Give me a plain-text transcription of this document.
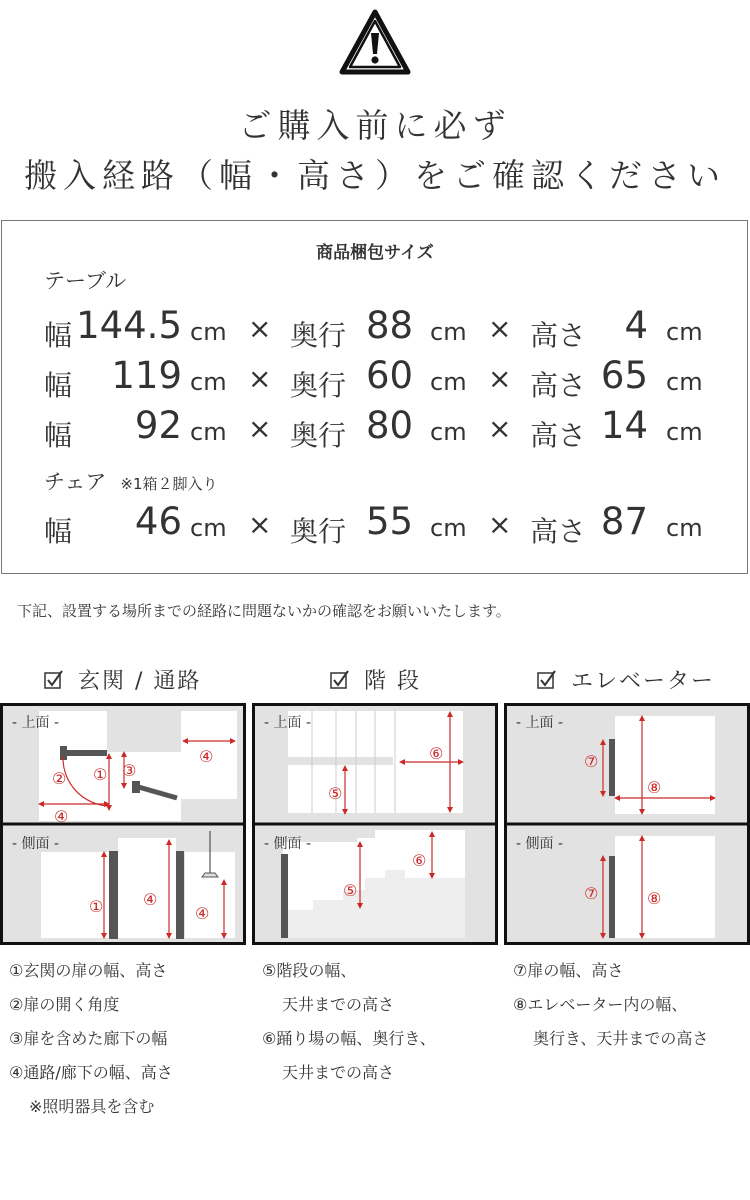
ご購入前に必ず
搬入経路（幅・高さ）をご確認ください
商品梱包サイズ
テーブル
幅 144.5 cm × 奥行 88 cm × 高さ	4 cm
幅	119 cm × 奥行 60 cm × 高さ 65 cm
幅	92 cm × 奥行 80 cm × 高さ 14 cm
チェア ※1箱２脚入り
幅	46 cm × 奥行 55 cm × 高さ 87 cm
下記、設置する場所までの経路に問題ないかの確認をお願いいたします。
玄関 / 通路	階 段	エレベーター
- 上面 -
- 側面 -
①
②	③
④
④
① ④
④
- 上面 -
- 側面 -
⑤
⑥
⑤
⑥
- 上面 -
- 側面 -
⑦
⑧
⑦	⑧
①玄関の扉の幅、高さ
②扉の開く角度
③扉を含めた廊下の幅
④通路/廊下の幅、高さ
※照明器具を含む
⑤階段の幅、
天井までの高さ
⑥踊り場の幅、奥行き、
天井までの高さ
⑦扉の幅、高さ
⑧エレベーター内の幅、
奥行き、天井までの高さ
